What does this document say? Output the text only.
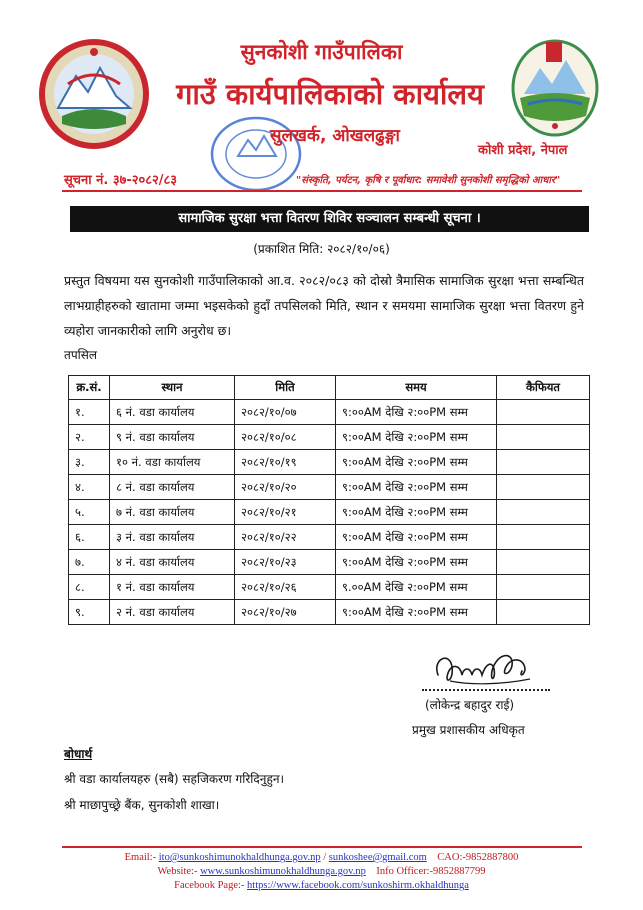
सुनकोशी गाउँपालिका
गाउँ कार्यपालिकाको कार्यालय
सुलखर्क, ओखलढुङ्गा
कोशी प्रदेश, नेपाल
सूचना नं. ३७-२०८२/८३	"संस्कृति, पर्यटन, कृषि र पूर्वाधार: समावेशी सुनकोशी समृद्धिको आधार"
सामाजिक सुरक्षा भत्ता वितरण शिविर सञ्चालन सम्बन्धी सूचना ।
(प्रकाशित मिति: २०८२/१०/०६)
प्रस्तुत विषयमा यस सुनकोशी गाउँपालिकाको आ.व. २०८२/०८३ को दोस्रो त्रैमासिक सामाजिक सुरक्षा भत्ता सम्बन्धित लाभग्राहीहरुको खातामा जम्मा भइसकेको हुदाँ तपसिलको मिति, स्थान र समयमा सामाजिक सुरक्षा भत्ता वितरण हुने व्यहोरा जानकारीको लागि अनुरोध छ।
तपसिल
क्र.सं.	स्थान	मिति	समय	कैफियत
१.	६ नं. वडा कार्यालय	२०८२/१०/०७	९:००AM देखि २:००PM सम्म	
२.	९ नं. वडा कार्यालय	२०८२/१०/०८	९:००AM देखि २:००PM सम्म	
३.	१० नं. वडा कार्यालय	२०८२/१०/१९	९:००AM देखि २:००PM सम्म	
४.	८ नं. वडा कार्यालय	२०८२/१०/२०	९:००AM देखि २:००PM सम्म	
५.	७ नं. वडा कार्यालय	२०८२/१०/२१	९:००AM देखि २:००PM सम्म	
६.	३ नं. वडा कार्यालय	२०८२/१०/२२	९:००AM देखि २:००PM सम्म	
७.	४ नं. वडा कार्यालय	२०८२/१०/२३	९:००AM देखि २:००PM सम्म	
८.	१ नं. वडा कार्यालय	२०८२/१०/२६	९.००AM देखि २:००PM सम्म	
९.	२ नं. वडा कार्यालय	२०८२/१०/२७	९:००AM देखि २:००PM सम्म	
(लोकेन्द्र बहादुर राई)
प्रमुख प्रशासकीय अधिकृत
बोधार्थ
श्री वडा कार्यालयहरु (सबै) सहजिकरण गरिदिनुहुन।
श्री माछापुच्छ्रे बैंक, सुनकोशी शाखा।
Email:- ito@sunkoshimunokhaldhunga.gov.np / sunkoshee@gmail.com CAO:-9852887800
Website:- www.sunkoshimunokhaldhunga.gov.np Info Officer:-9852887799
Facebook Page:- https://www.facebook.com/sunkoshirm.okhaldhunga
